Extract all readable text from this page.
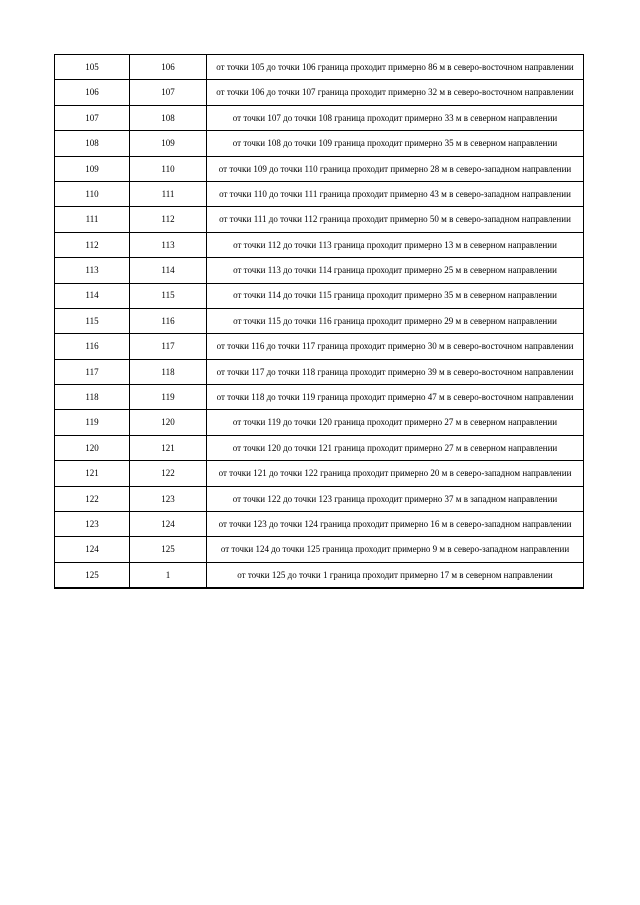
105	106	от точки 105 до точки 106 граница проходит примерно 86 м в северо-восточном направлении
106	107	от точки 106 до точки 107 граница проходит примерно 32 м в северо-восточном направлении
107	108	от точки 107 до точки 108 граница проходит примерно 33 м в северном направлении
108	109	от точки 108 до точки 109 граница проходит примерно 35 м в северном направлении
109	110	от точки 109 до точки 110 граница проходит примерно 28 м в северо-западном направлении
110	111	от точки 110 до точки 111 граница проходит примерно 43 м в северо-западном направлении
111	112	от точки 111 до точки 112 граница проходит примерно 50 м в северо-западном направлении
112	113	от точки 112 до точки 113 граница проходит примерно 13 м в северном направлении
113	114	от точки 113 до точки 114 граница проходит примерно 25 м в северном направлении
114	115	от точки 114 до точки 115 граница проходит примерно 35 м в северном направлении
115	116	от точки 115 до точки 116 граница проходит примерно 29 м в северном направлении
116	117	от точки 116 до точки 117 граница проходит примерно 30 м в северо-восточном направлении
117	118	от точки 117 до точки 118 граница проходит примерно 39 м в северо-восточном направлении
118	119	от точки 118 до точки 119 граница проходит примерно 47 м в северо-восточном направлении
119	120	от точки 119 до точки 120 граница проходит примерно 27 м в северном направлении
120	121	от точки 120 до точки 121 граница проходит примерно 27 м в северном направлении
121	122	от точки 121 до точки 122 граница проходит примерно 20 м в северо-западном направлении
122	123	от точки 122 до точки 123 граница проходит примерно 37 м в западном направлении
123	124	от точки 123 до точки 124 граница проходит примерно 16 м в северо-западном направлении
124	125	от точки 124 до точки 125 граница проходит примерно 9 м в северо-западном направлении
125	1	от точки 125 до точки 1 граница проходит примерно 17 м в северном направлении
